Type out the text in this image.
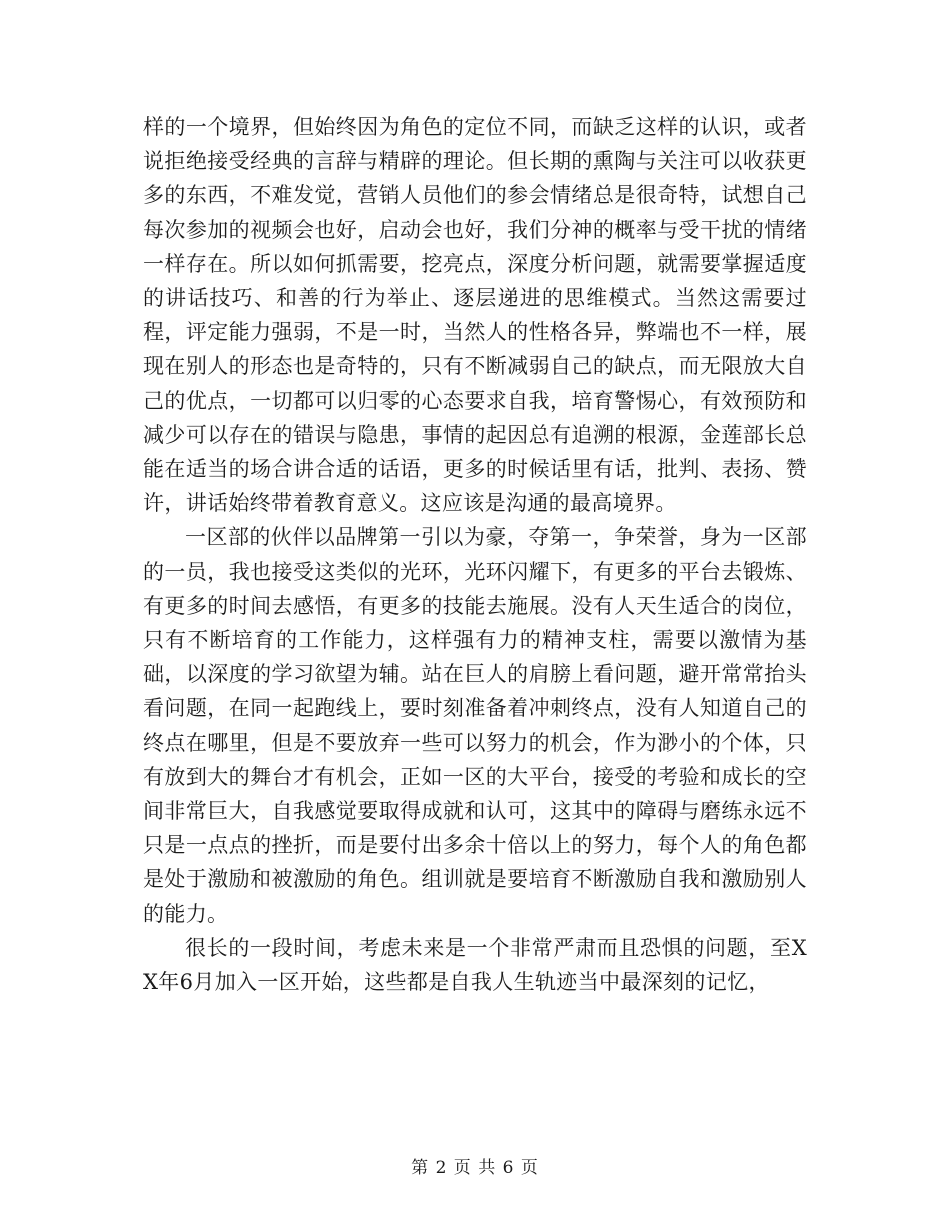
样的一个境界，但始终因为角色的定位不同，而缺乏这样的认识，或者说拒绝接受经典的言辞与精辟的理论。但长期的熏陶与关注可以收获更多的东西，不难发觉，营销人员他们的参会情绪总是很奇特，试想自己每次参加的视频会也好，启动会也好，我们分神的概率与受干扰的情绪一样存在。所以如何抓需要，挖亮点，深度分析问题，就需要掌握适度的讲话技巧、和善的行为举止、逐层递进的思维模式。当然这需要过程，评定能力强弱，不是一时，当然人的性格各异，弊端也不一样，展现在别人的形态也是奇特的，只有不断减弱自己的缺点，而无限放大自己的优点，一切都可以归零的心态要求自我，培育警惕心，有效预防和减少可以存在的错误与隐患，事情的起因总有追溯的根源，金莲部长总能在适当的场合讲合适的话语，更多的时候话里有话，批判、表扬、赞许，讲话始终带着教育意义。这应该是沟通的最高境界。

一区部的伙伴以品牌第一引以为豪，夺第一，争荣誉，身为一区部的一员，我也接受这类似的光环，光环闪耀下，有更多的平台去锻炼、有更多的时间去感悟，有更多的技能去施展。没有人天生适合的岗位，只有不断培育的工作能力，这样强有力的精神支柱，需要以激情为基础，以深度的学习欲望为辅。站在巨人的肩膀上看问题，避开常常抬头看问题，在同一起跑线上，要时刻准备着冲刺终点，没有人知道自己的终点在哪里，但是不要放弃一些可以努力的机会，作为渺小的个体，只有放到大的舞台才有机会，正如一区的大平台，接受的考验和成长的空间非常巨大，自我感觉要取得成就和认可，这其中的障碍与磨练永远不只是一点点的挫折，而是要付出多余十倍以上的努力，每个人的角色都是处于激励和被激励的角色。组训就是要培育不断激励自我和激励别人的能力。

很长的一段时间，考虑未来是一个非常严肃而且恐惧的问题，至XX年6月加入一区开始，这些都是自我人生轨迹当中最深刻的记忆，

第 2 页 共 6 页
